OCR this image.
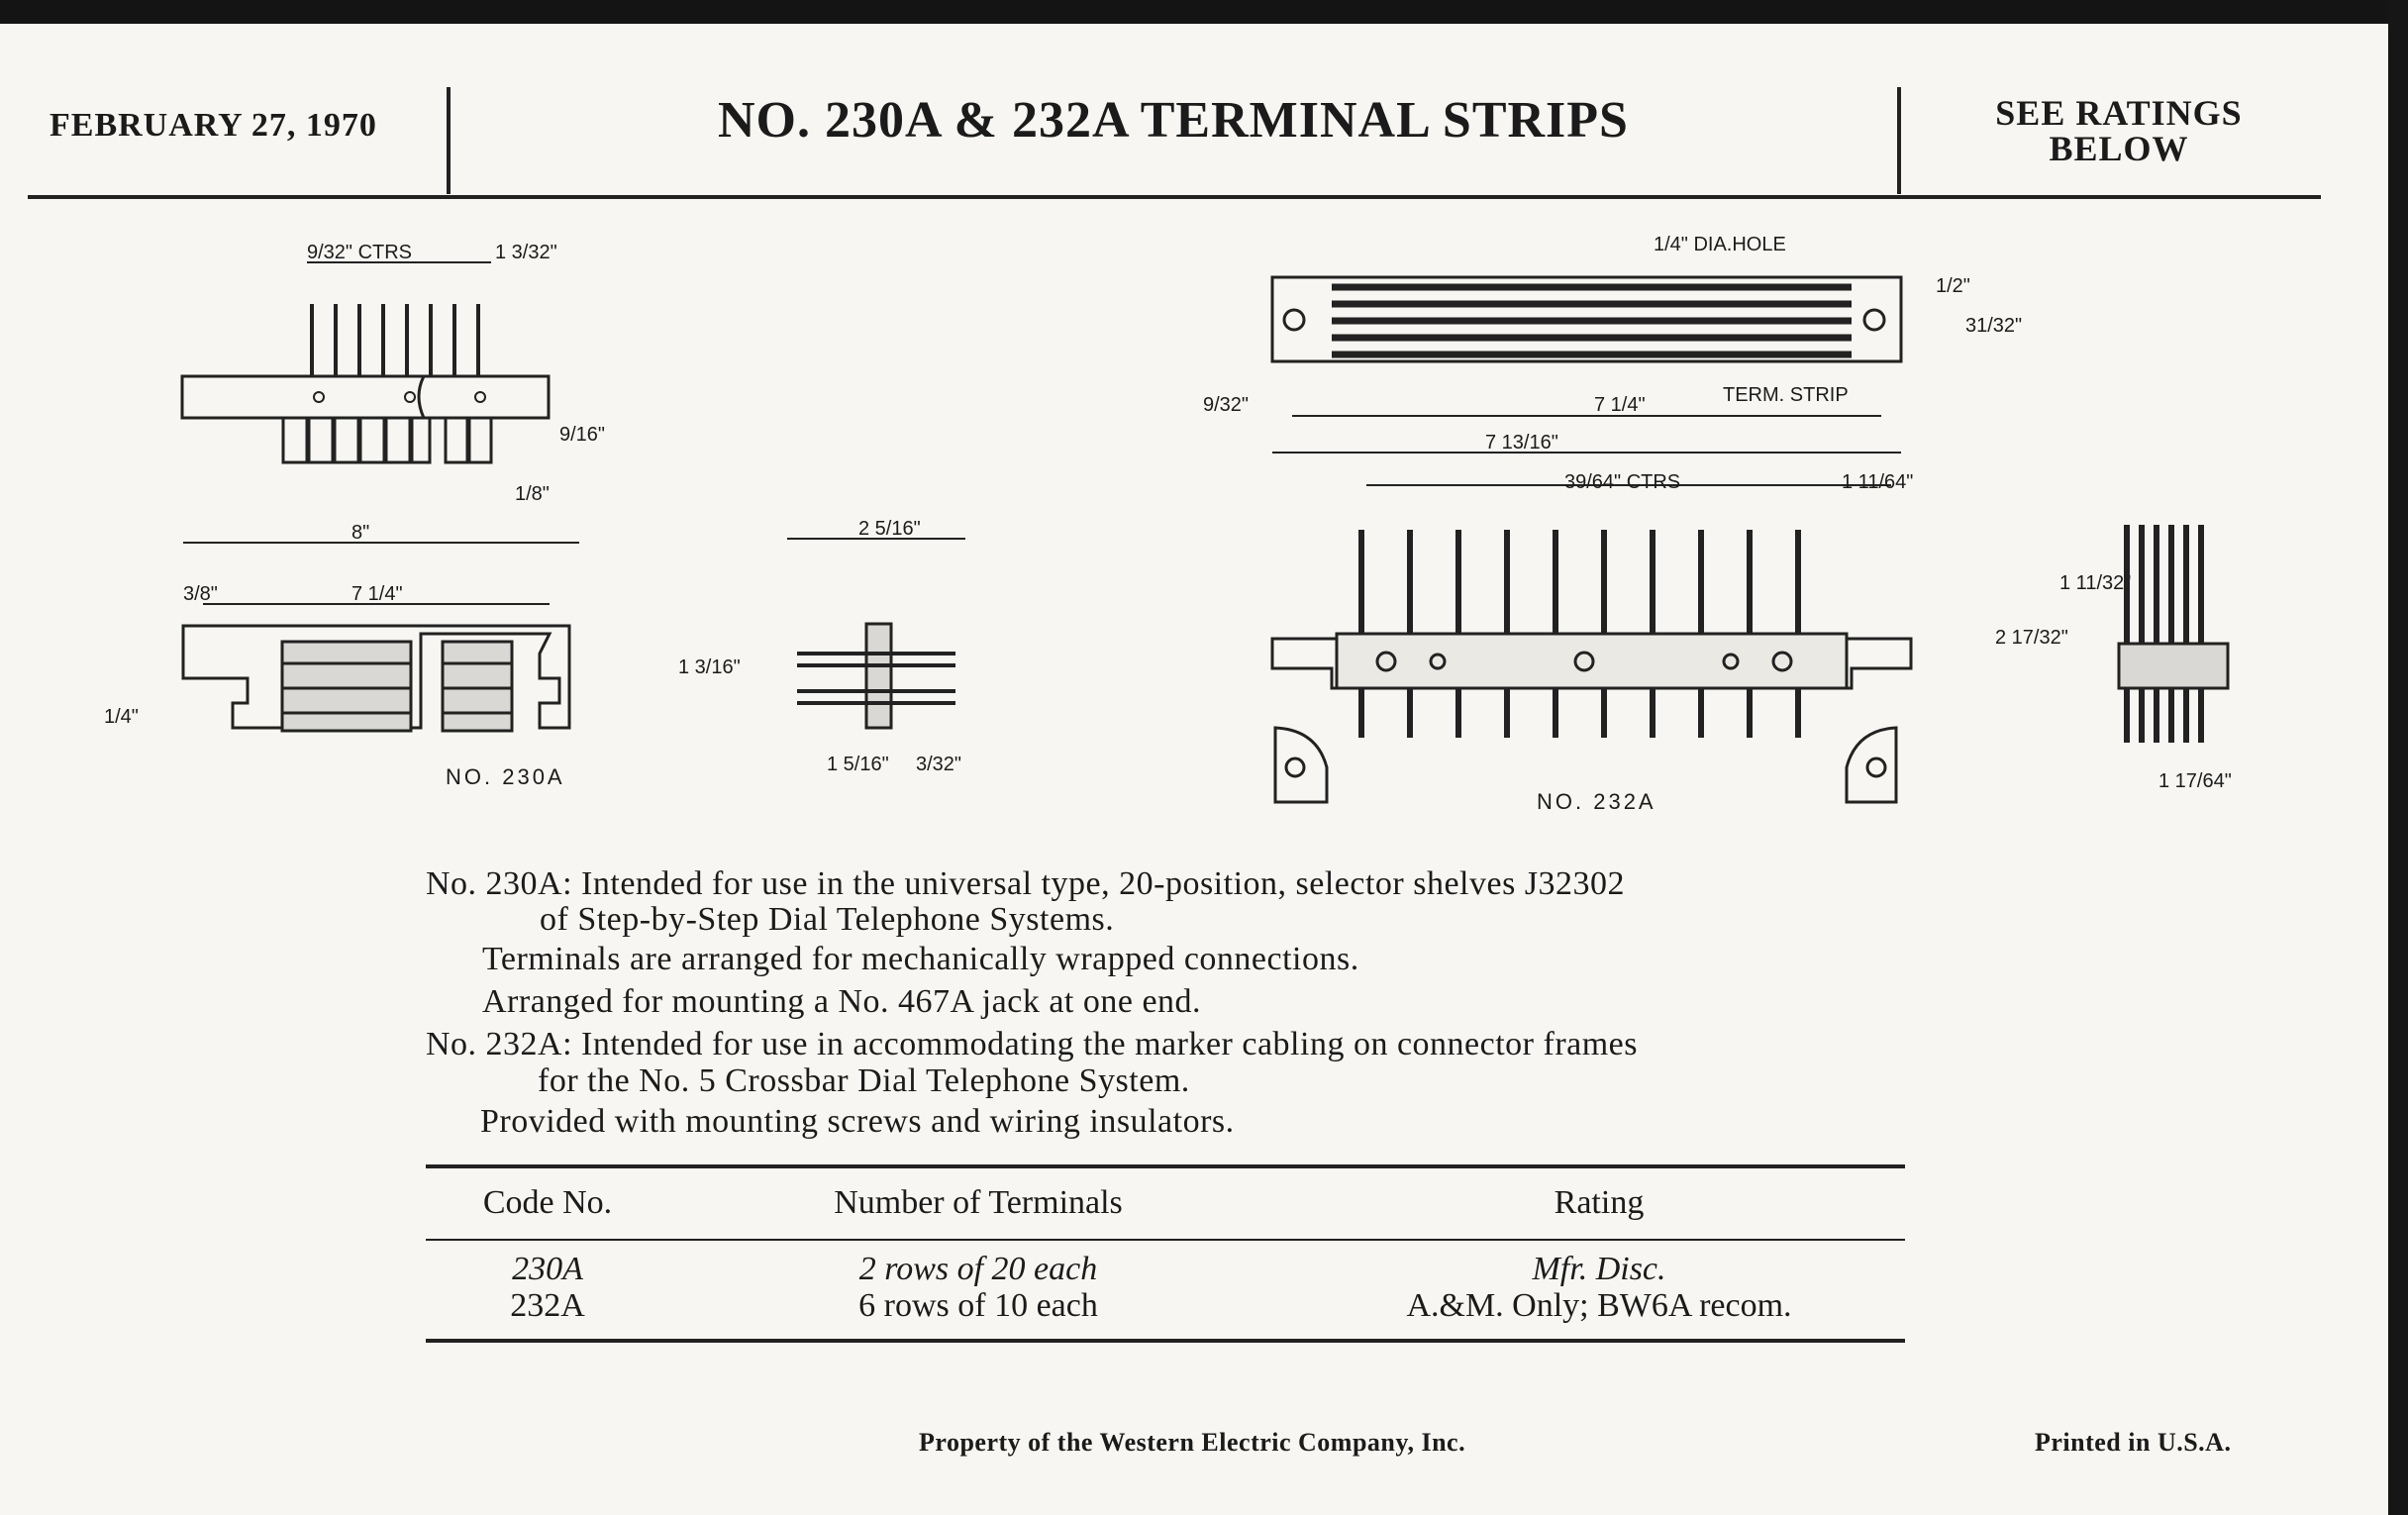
FEBRUARY 27, 1970	NO. 230A & 232A TERMINAL STRIPS	SEE RATINGS
BELOW
9/32" CTRS	1 3/32"
9/16"
1/8"
8"
7 1/4"
3/8"
1 3/16"
1/4"
NO. 230A
2 5/16"
1 5/16" 3/32"
1/4" DIA.HOLE
1/2"
31/32"
9/32"	7 1/4"
7 13/16"
TERM. STRIP
39/64" CTRS	1 11/64"
NO. 232A
2 17/32"
1 11/32"
1 17/64"
No. 230A: Intended for use in the universal type, 20-position, selector shelves J32302
of Step-by-Step Dial Telephone Systems.
Terminals are arranged for mechanically wrapped connections.
Arranged for mounting a No. 467A jack at one end.
No. 232A: Intended for use in accommodating the marker cabling on connector frames
for the No. 5 Crossbar Dial Telephone System.
Provided with mounting screws and wiring insulators.
Code No.	Number of Terminals	Rating
230A	2 rows of 20 each	Mfr. Disc.
232A	6 rows of 10 each	A.&M. Only; BW6A recom.
Property of the Western Electric Company, Inc.	Printed in U.S.A.
